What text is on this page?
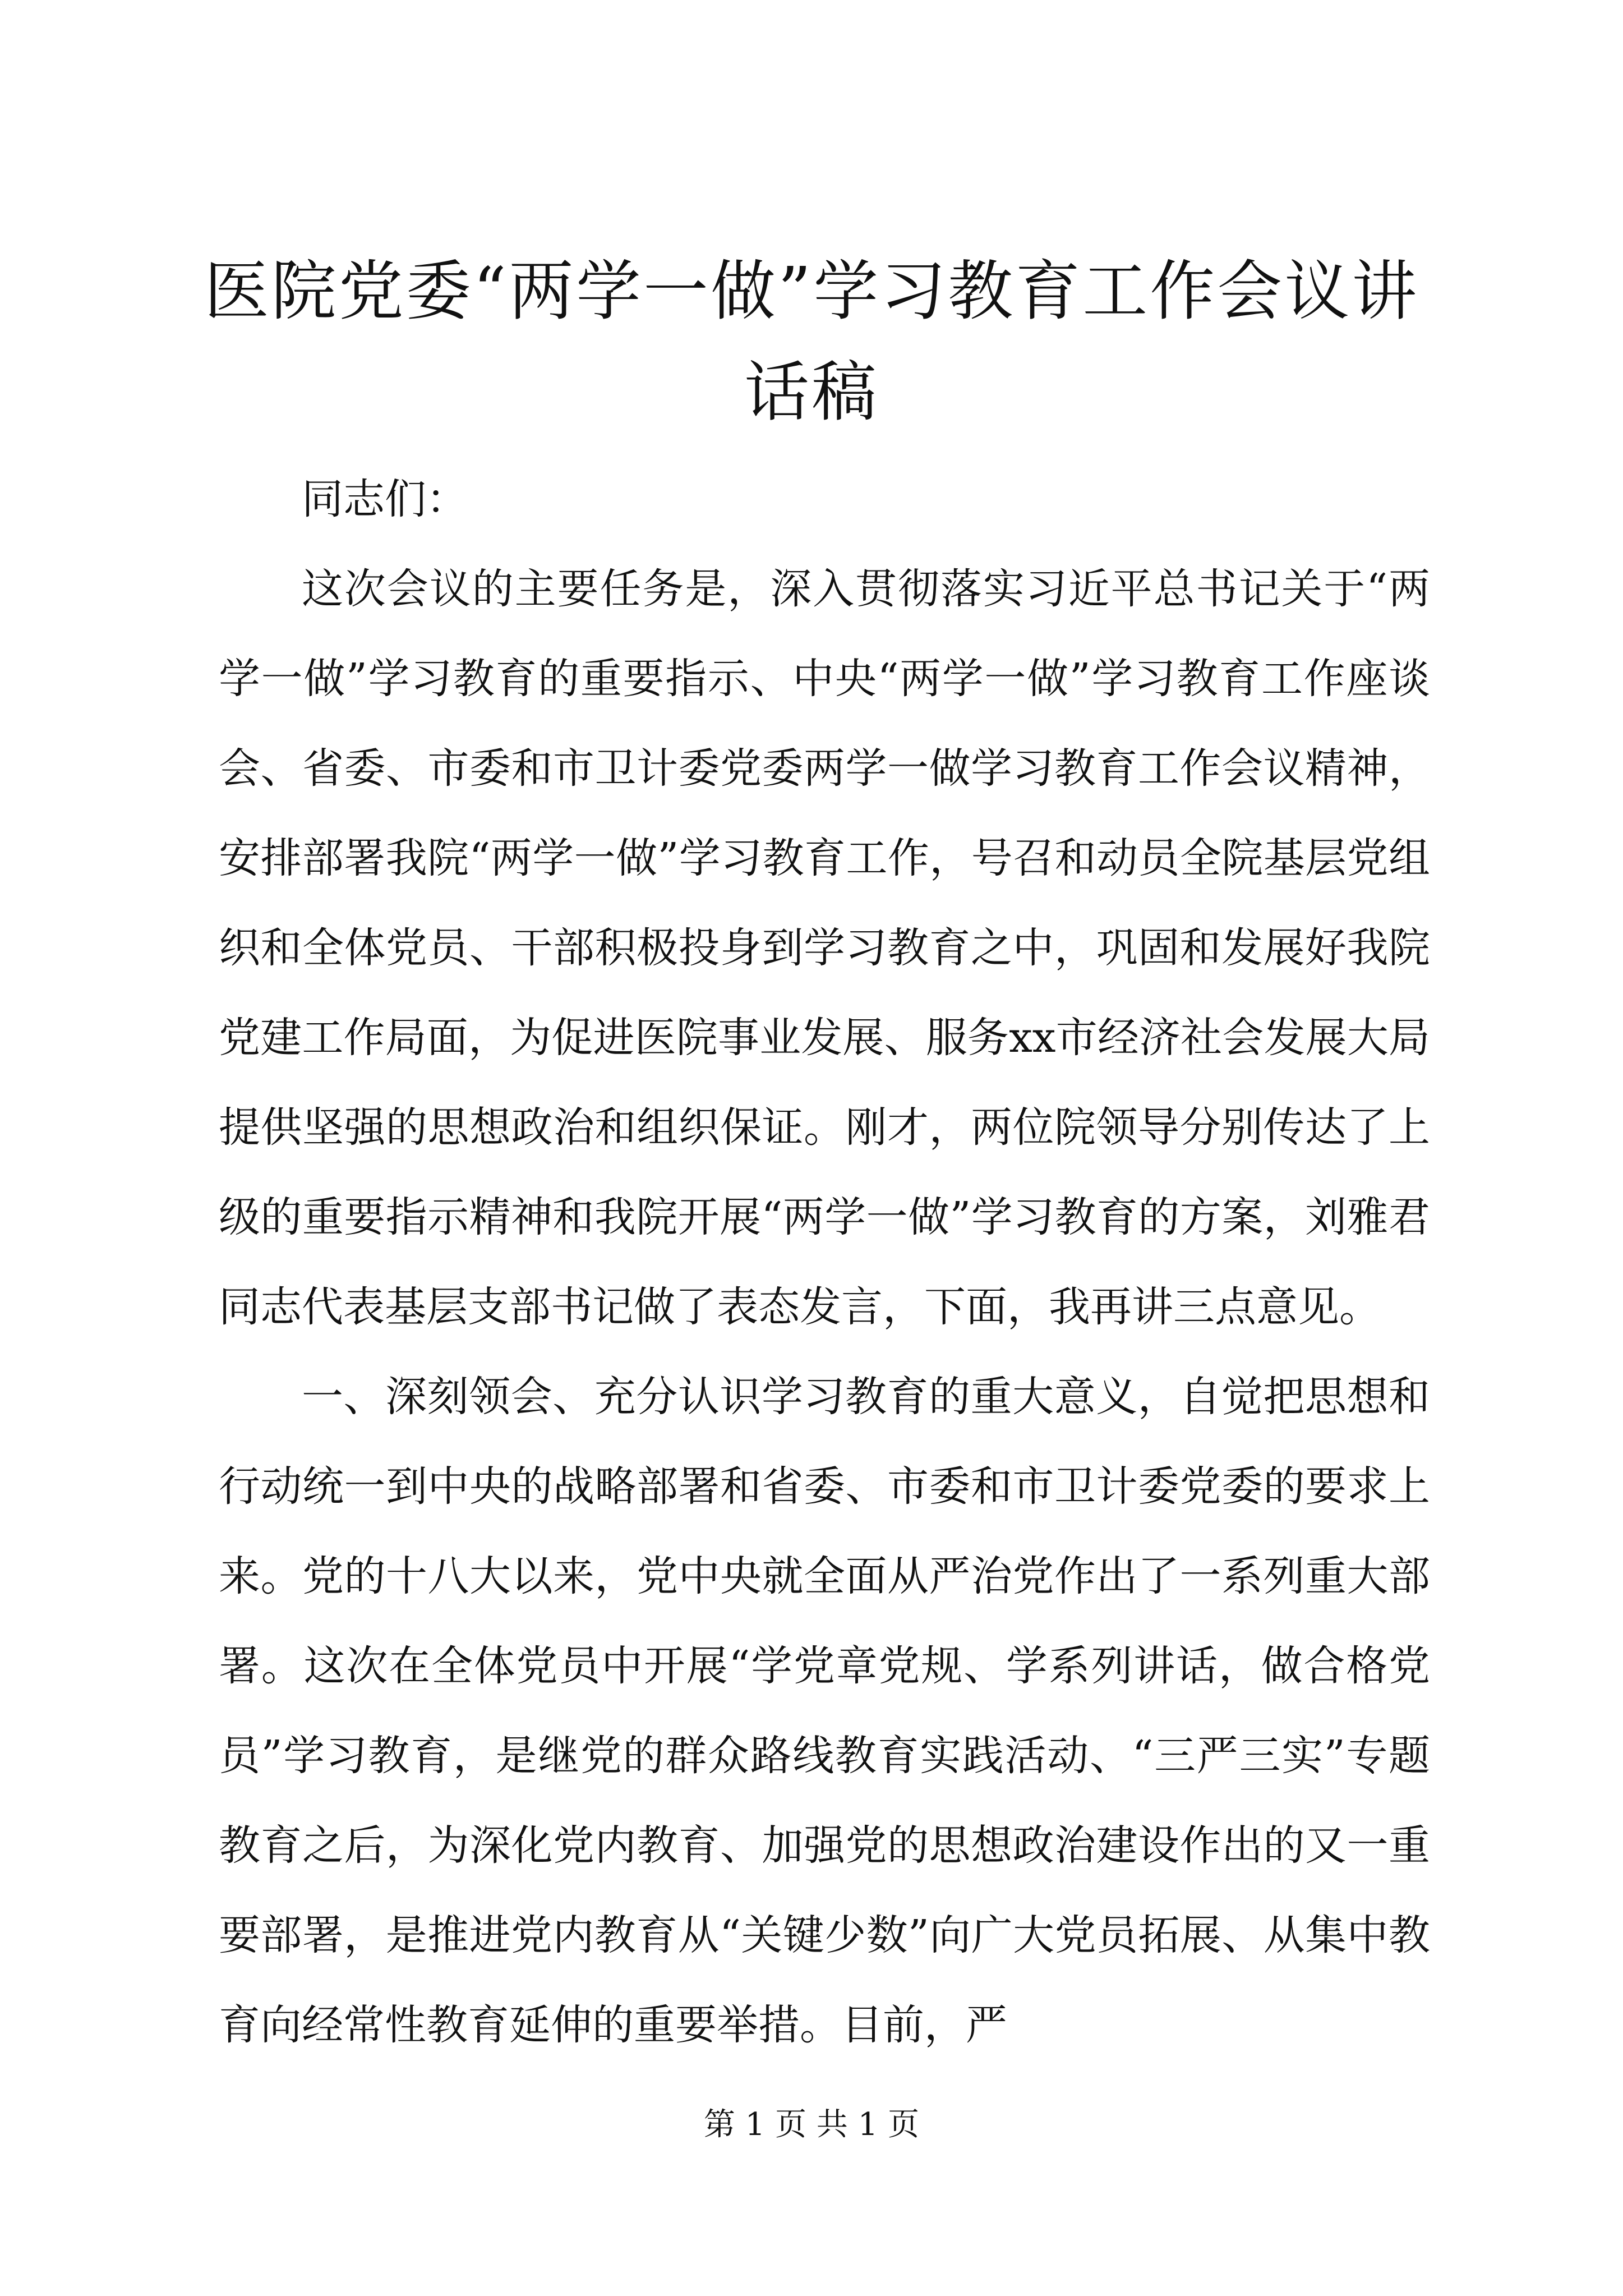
医院党委“两学一做”学习教育工作会议讲话稿

同志们：

这次会议的主要任务是，深入贯彻落实习近平总书记关于“两学一做”学习教育的重要指示、中央“两学一做”学习教育工作座谈会、省委、市委和市卫计委党委两学一做学习教育工作会议精神，安排部署我院“两学一做”学习教育工作，号召和动员全院基层党组织和全体党员、干部积极投身到学习教育之中，巩固和发展好我院党建工作局面，为促进医院事业发展、服务xx市经济社会发展大局提供坚强的思想政治和组织保证。刚才，两位院领导分别传达了上级的重要指示精神和我院开展“两学一做”学习教育的方案，刘雅君同志代表基层支部书记做了表态发言，下面，我再讲三点意见。

一、深刻领会、充分认识学习教育的重大意义，自觉把思想和行动统一到中央的战略部署和省委、市委和市卫计委党委的要求上来。党的十八大以来，党中央就全面从严治党作出了一系列重大部署。这次在全体党员中开展“学党章党规、学系列讲话，做合格党员”学习教育，是继党的群众路线教育实践活动、“三严三实”专题教育之后，为深化党内教育、加强党的思想政治建设作出的又一重要部署，是推进党内教育从“关键少数”向广大党员拓展、从集中教育向经常性教育延伸的重要举措。目前，严

第 1 页 共 1 页
